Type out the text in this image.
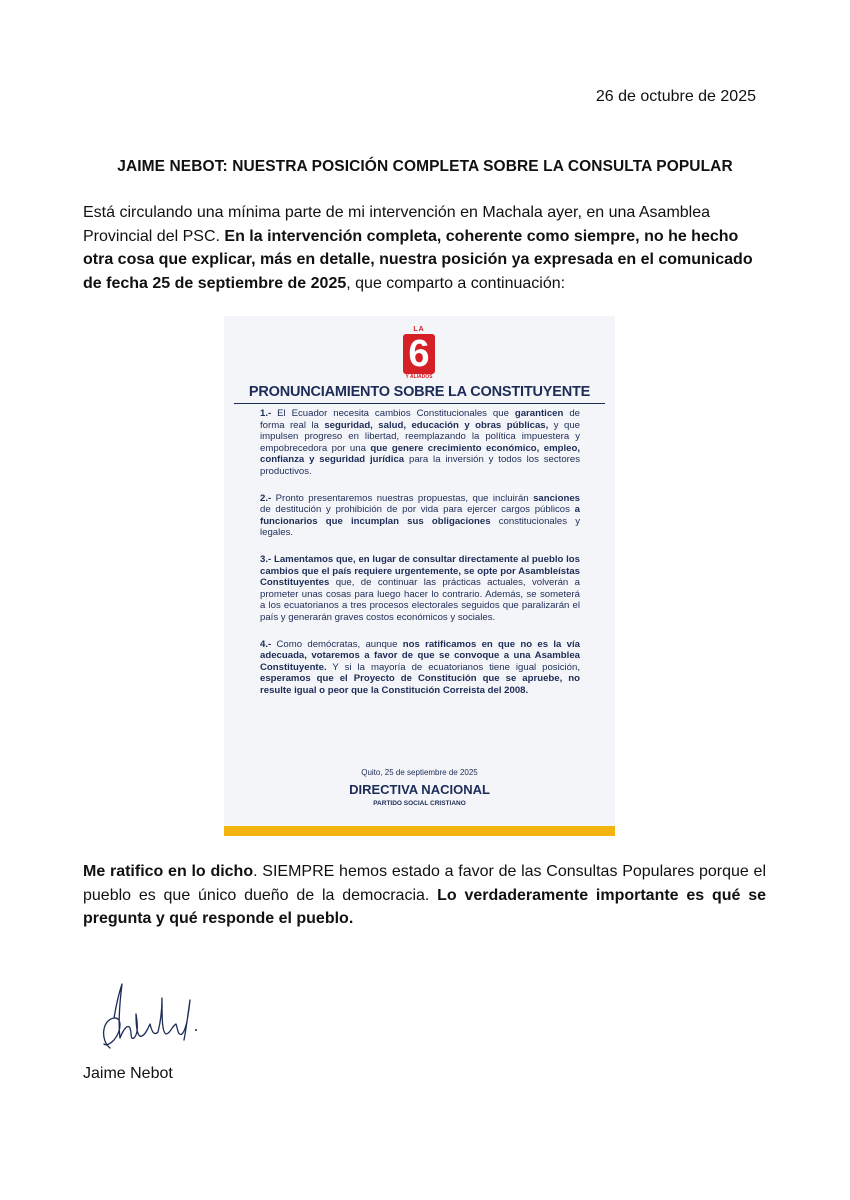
26 de octubre de 2025
JAIME NEBOT: NUESTRA POSICIÓN COMPLETA SOBRE LA CONSULTA POPULAR

Está circulando una mínima parte de mi intervención en Machala ayer, en una Asamblea Provincial del PSC. En la intervención completa, coherente como siempre, no he hecho otra cosa que explicar, más en detalle, nuestra posición ya expresada en el comunicado de fecha 25 de septiembre de 2025, que comparto a continuación:

LA
6
Y ALIADOS
PRONUNCIAMIENTO SOBRE LA CONSTITUYENTE

1.- El Ecuador necesita cambios Constitucionales que garanticen de forma real la seguridad, salud, educación y obras públicas, y que impulsen progreso en libertad, reemplazando la política impuestera y empobrecedora por una que genere crecimiento económico, empleo, confianza y seguridad jurídica para la inversión y todos los sectores productivos.

2.- Pronto presentaremos nuestras propuestas, que incluirán sanciones de destitución y prohibición de por vida para ejercer cargos públicos a funcionarios que incumplan sus obligaciones constitucionales y legales.

3.- Lamentamos que, en lugar de consultar directamente al pueblo los cambios que el país requiere urgentemente, se opte por Asambleístas Constituyentes que, de continuar las prácticas actuales, volverán a prometer unas cosas para luego hacer lo contrario. Además, se someterá a los ecuatorianos a tres procesos electorales seguidos que paralizarán el país y generarán graves costos económicos y sociales.

4.- Como demócratas, aunque nos ratificamos en que no es la vía adecuada, votaremos a favor de que se convoque a una Asamblea Constituyente. Y si la mayoría de ecuatorianos tiene igual posición, esperamos que el Proyecto de Constitución que se apruebe, no resulte igual o peor que la Constitución Correista del 2008.

Quito, 25 de septiembre de 2025
DIRECTIVA NACIONAL
PARTIDO SOCIAL CRISTIANO

Me ratifico en lo dicho. SIEMPRE hemos estado a favor de las Consultas Populares porque el pueblo es que único dueño de la democracia. Lo verdaderamente importante es qué se pregunta y qué responde el pueblo.

Jaime Nebot
